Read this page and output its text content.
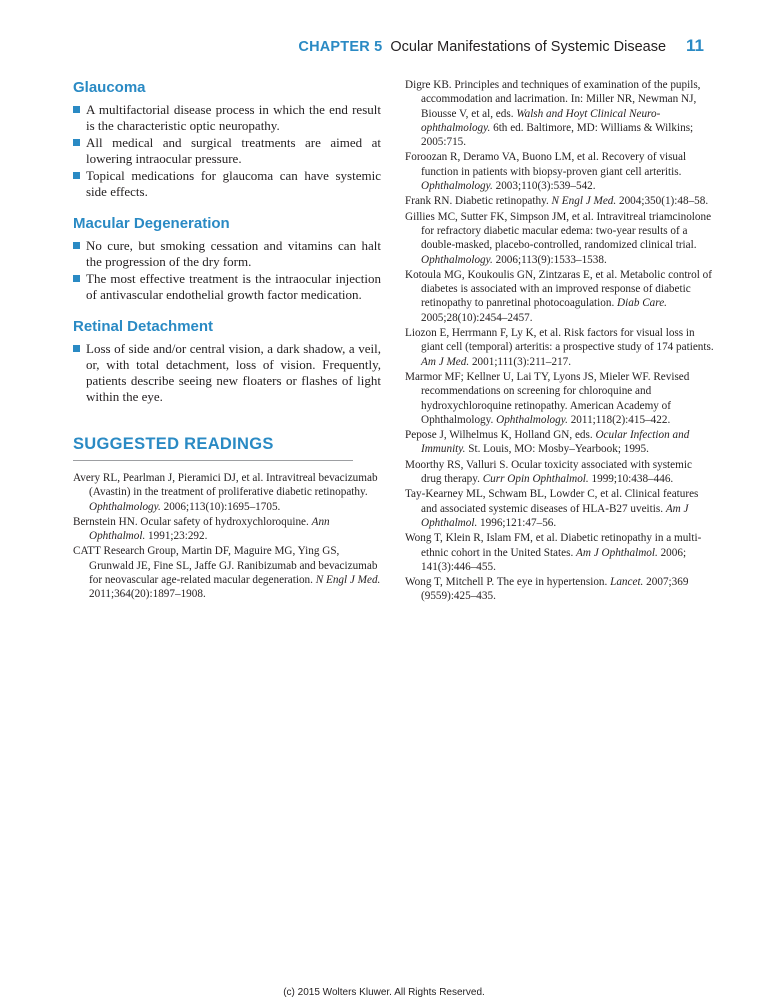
CHAPTER 5 Ocular Manifestations of Systemic Disease 11
Glaucoma
A multifactorial disease process in which the end result is the characteristic optic neuropathy.
All medical and surgical treatments are aimed at lowering intraocular pressure.
Topical medications for glaucoma can have systemic side effects.
Macular Degeneration
No cure, but smoking cessation and vitamins can halt the progression of the dry form.
The most effective treatment is the intraocular injection of antivascular endothelial growth factor medication.
Retinal Detachment
Loss of side and/or central vision, a dark shadow, a veil, or, with total detachment, loss of vision. Frequently, patients describe seeing new floaters or flashes of light within the eye.
SUGGESTED READINGS
Avery RL, Pearlman J, Pieramici DJ, et al. Intravitreal bevacizumab (Avastin) in the treatment of proliferative diabetic retinopathy. Ophthalmology. 2006;113(10):1695–1705.
Bernstein HN. Ocular safety of hydroxychloroquine. Ann Ophthalmol. 1991;23:292.
CATT Research Group, Martin DF, Maguire MG, Ying GS, Grunwald JE, Fine SL, Jaffe GJ. Ranibizumab and bevacizumab for neovascular age-related macular degeneration. N Engl J Med. 2011;364(20):1897–1908.
Digre KB. Principles and techniques of examination of the pupils, accommodation and lacrimation. In: Miller NR, Newman NJ, Biousse V, et al, eds. Walsh and Hoyt Clinical Neuro-ophthalmology. 6th ed. Baltimore, MD: Williams & Wilkins; 2005:715.
Foroozan R, Deramo VA, Buono LM, et al. Recovery of visual function in patients with biopsy-proven giant cell arteritis. Ophthalmology. 2003;110(3):539–542.
Frank RN. Diabetic retinopathy. N Engl J Med. 2004;350(1):48–58.
Gillies MC, Sutter FK, Simpson JM, et al. Intravitreal triamcinolone for refractory diabetic macular edema: two-year results of a double-masked, placebo-controlled, randomized clinical trial. Ophthalmology. 2006;113(9):1533–1538.
Kotoula MG, Koukoulis GN, Zintzaras E, et al. Metabolic control of diabetes is associated with an improved response of diabetic retinopathy to panretinal photocoagulation. Diab Care. 2005;28(10):2454–2457.
Liozon E, Herrmann F, Ly K, et al. Risk factors for visual loss in giant cell (temporal) arteritis: a prospective study of 174 patients. Am J Med. 2001;111(3):211–217.
Marmor MF; Kellner U, Lai TY, Lyons JS, Mieler WF. Revised recommendations on screening for chloroquine and hydroxychloroquine retinopathy. American Academy of Ophthalmology. Ophthalmology. 2011;118(2):415–422.
Pepose J, Wilhelmus K, Holland GN, eds. Ocular Infection and Immunity. St. Louis, MO: Mosby–Yearbook; 1995.
Moorthy RS, Valluri S. Ocular toxicity associated with systemic drug therapy. Curr Opin Ophthalmol. 1999;10:438–446.
Tay-Kearney ML, Schwam BL, Lowder C, et al. Clinical features and associated systemic diseases of HLA-B27 uveitis. Am J Ophthalmol. 1996;121:47–56.
Wong T, Klein R, Islam FM, et al. Diabetic retinopathy in a multi-ethnic cohort in the United States. Am J Ophthalmol. 2006; 141(3):446–455.
Wong T, Mitchell P. The eye in hypertension. Lancet. 2007;369 (9559):425–435.
(c) 2015 Wolters Kluwer. All Rights Reserved.
